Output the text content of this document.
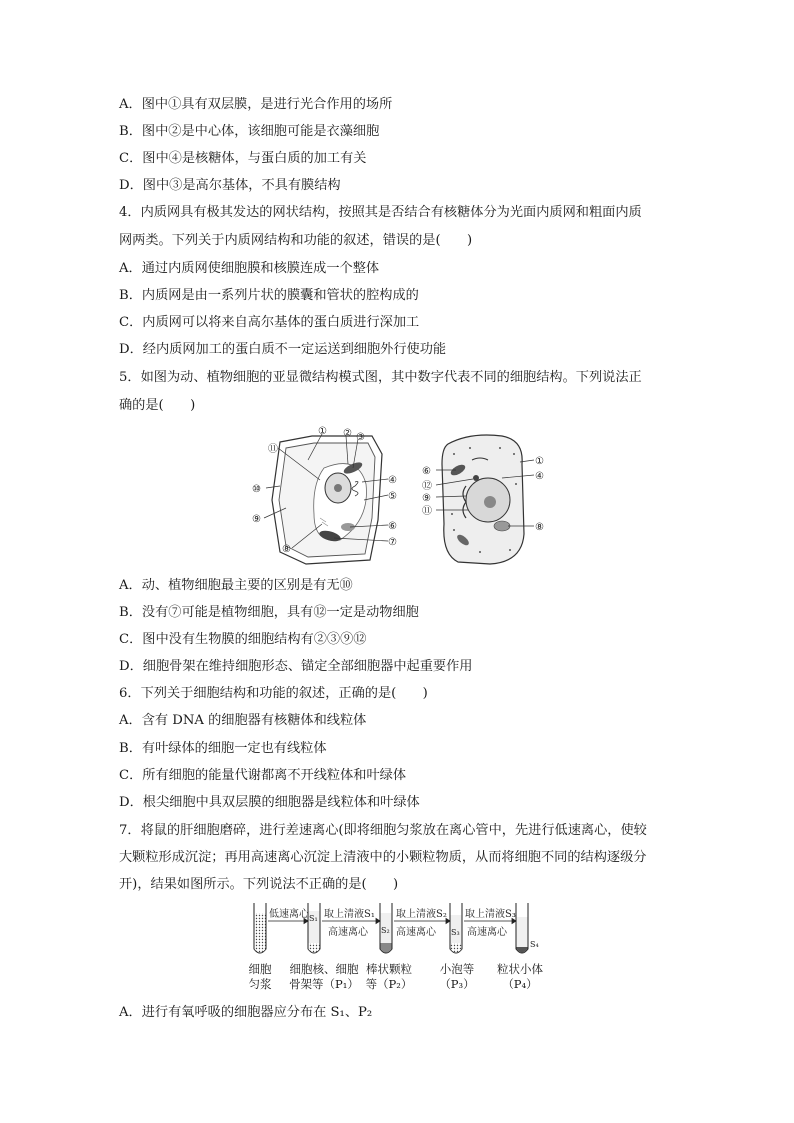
A．图中①具有双层膜，是进行光合作用的场所
B．图中②是中心体，该细胞可能是衣藻细胞
C．图中④是核糖体，与蛋白质的加工有关
D．图中③是高尔基体，不具有膜结构
4．内质网具有极其发达的网状结构，按照其是否结合有核糖体分为光面内质网和粗面内质
网两类。下列关于内质网结构和功能的叙述，错误的是(　　)
A．通过内质网使细胞膜和核膜连成一个整体
B．内质网是由一系列片状的膜囊和管状的腔构成的
C．内质网可以将来自高尔基体的蛋白质进行深加工
D．经内质网加工的蛋白质不一定运送到细胞外行使功能
5．如图为动、植物细胞的亚显微结构模式图，其中数字代表不同的细胞结构。下列说法正
确的是(　　)
① ② ③
④
⑤
⑥
⑦
⑧
⑨
⑩
⑪
①
④
⑥
⑫
⑨
⑪
⑧
A．动、植物细胞最主要的区别是有无⑩
B．没有⑦可能是植物细胞，具有⑫一定是动物细胞
C．图中没有生物膜的细胞结构有②③⑨⑫
D．细胞骨架在维持细胞形态、锚定全部细胞器中起重要作用
6．下列关于细胞结构和功能的叙述，正确的是(　　)
A．含有 DNA 的细胞器有核糖体和线粒体
B．有叶绿体的细胞一定也有线粒体
C．所有细胞的能量代谢都离不开线粒体和叶绿体
D．根尖细胞中具双层膜的细胞器是线粒体和叶绿体
7．将鼠的肝细胞磨碎，进行差速离心(即将细胞匀浆放在离心管中，先进行低速离心，使较
大颗粒形成沉淀；再用高速离心沉淀上清液中的小颗粒物质，从而将细胞不同的结构逐级分
开)，结果如图所示。下列说法不正确的是(　　)
低速离心 取上清液S₁
高速离心
取上清液S₂
高速离心
取上清液S₃
高速离心
S₁
S₂	S₃
S₄
细胞
匀浆
细胞核、细胞
骨架等（P₁）
棒状颗粒
等（P₂）
小泡等
（P₃）
粒状小体
（P₄）
A．进行有氧呼吸的细胞器应分布在 S₁、P₂
